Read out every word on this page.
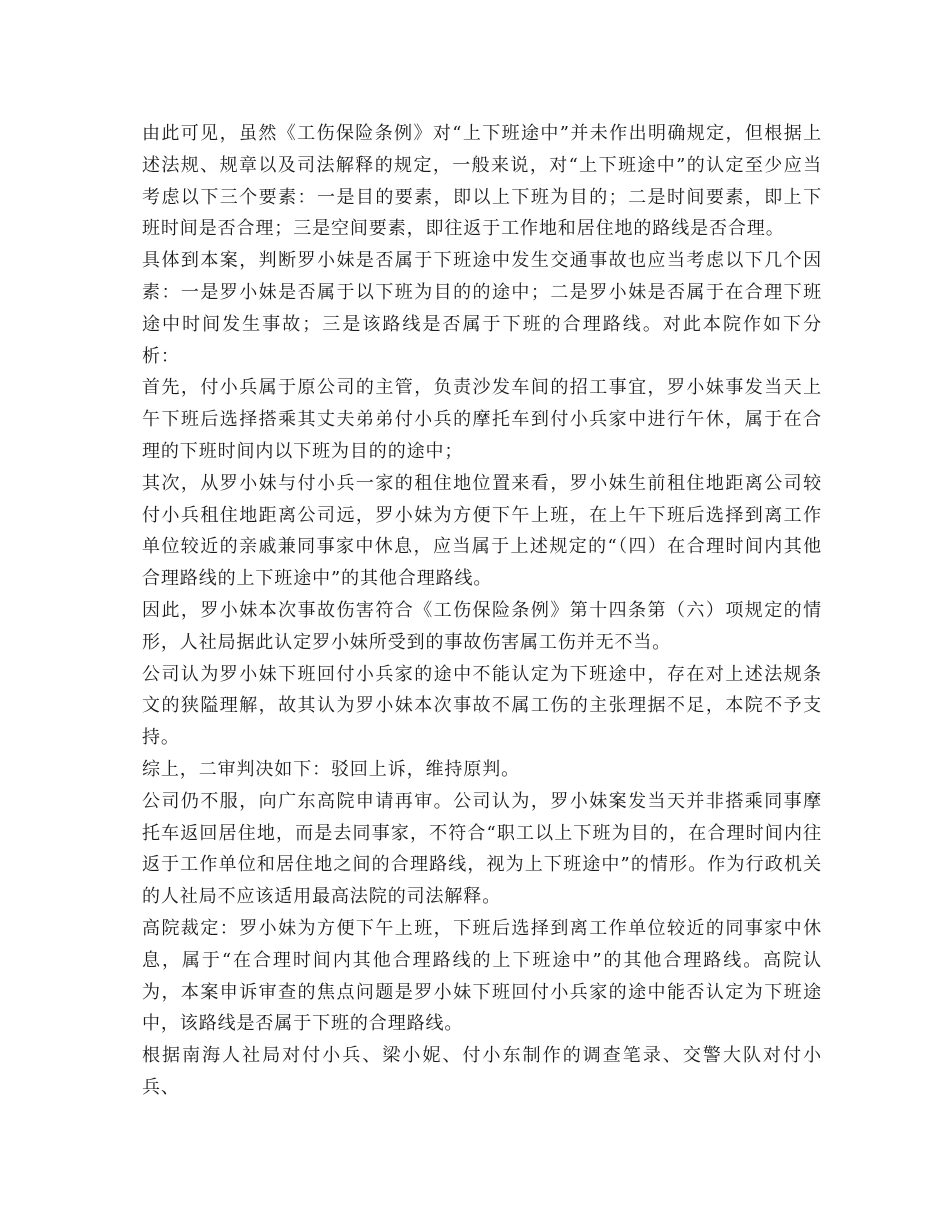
由此可见，虽然《工伤保险条例》对“上下班途中”并未作出明确规定，但根据上述法规、规章以及司法解释的规定，一般来说，对“上下班途中”的认定至少应当考虑以下三个要素：一是目的要素，即以上下班为目的；二是时间要素，即上下班时间是否合理；三是空间要素，即往返于工作地和居住地的路线是否合理。

具体到本案，判断罗小妹是否属于下班途中发生交通事故也应当考虑以下几个因素：一是罗小妹是否属于以下班为目的的途中；二是罗小妹是否属于在合理下班途中时间发生事故；三是该路线是否属于下班的合理路线。对此本院作如下分析：

首先，付小兵属于原公司的主管，负责沙发车间的招工事宜，罗小妹事发当天上午下班后选择搭乘其丈夫弟弟付小兵的摩托车到付小兵家中进行午休，属于在合理的下班时间内以下班为目的的途中；

其次，从罗小妹与付小兵一家的租住地位置来看，罗小妹生前租住地距离公司较付小兵租住地距离公司远，罗小妹为方便下午上班，在上午下班后选择到离工作单位较近的亲戚兼同事家中休息，应当属于上述规定的“（四）在合理时间内其他合理路线的上下班途中”的其他合理路线。

因此，罗小妹本次事故伤害符合《工伤保险条例》第十四条第（六）项规定的情形，人社局据此认定罗小妹所受到的事故伤害属工伤并无不当。

公司认为罗小妹下班回付小兵家的途中不能认定为下班途中，存在对上述法规条文的狭隘理解，故其认为罗小妹本次事故不属工伤的主张理据不足，本院不予支持。

综上，二审判决如下：驳回上诉，维持原判。

公司仍不服，向广东高院申请再审。公司认为，罗小妹案发当天并非搭乘同事摩托车返回居住地，而是去同事家，不符合“职工以上下班为目的，在合理时间内往返于工作单位和居住地之间的合理路线，视为上下班途中”的情形。作为行政机关的人社局不应该适用最高法院的司法解释。

高院裁定：罗小妹为方便下午上班，下班后选择到离工作单位较近的同事家中休息，属于“在合理时间内其他合理路线的上下班途中”的其他合理路线。高院认为，本案申诉审查的焦点问题是罗小妹下班回付小兵家的途中能否认定为下班途中，该路线是否属于下班的合理路线。

根据南海人社局对付小兵、梁小妮、付小东制作的调查笔录、交警大队对付小兵、
